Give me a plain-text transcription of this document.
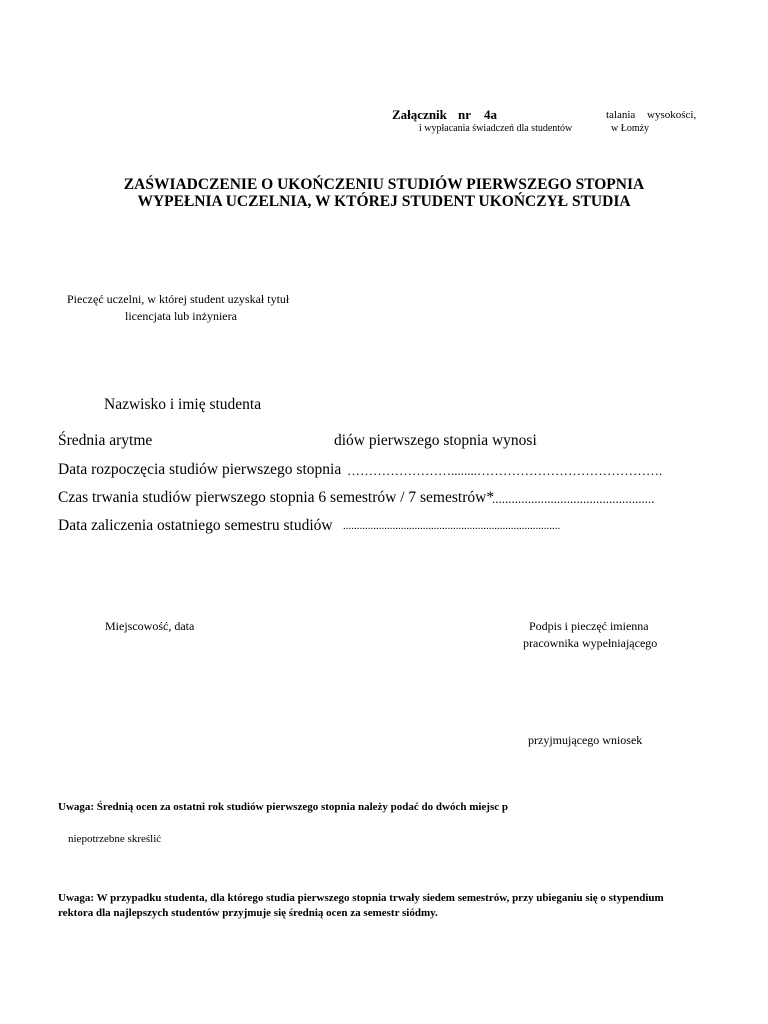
Załącznik nr 4a	talania wysokości,
i wypłacania świadczeń dla studentów	w Łomży
ZAŚWIADCZENIE O UKOŃCZENIU STUDIÓW PIERWSZEGO STOPNIA
WYPEŁNIA UCZELNIA, W KTÓREJ STUDENT UKOŃCZYŁ STUDIA
Pieczęć uczelni, w której student uzyskał tytuł
licencjata lub inżyniera
Nazwisko i imię studenta
Średnia arytme	diów pierwszego stopnia wynosi
Data rozpoczęcia studiów pierwszego stopnia ……………………........…………………………………….
Czas trwania studiów pierwszego stopnia 6 semestrów / 7 semestrów*
..................................................
Data zaliczenia ostatniego semestru studiów ...............................................................................
Miejscowość, data	Podpis i pieczęć imienna
pracownika wypełniającego
przyjmującego wniosek
Uwaga: Średnią ocen za ostatni rok studiów pierwszego stopnia należy podać do dwóch miejsc p
niepotrzebne skreślić
Uwaga: W przypadku studenta, dla którego studia pierwszego stopnia trwały siedem semestrów, przy ubieganiu się o stypendium
rektora dla najlepszych studentów przyjmuje się średnią ocen za semestr siódmy.
